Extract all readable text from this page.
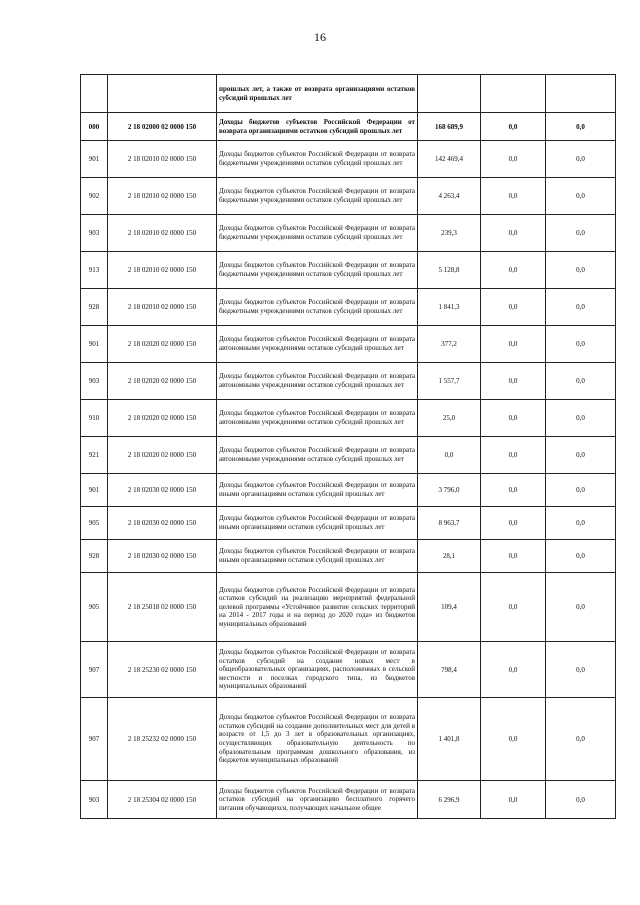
16
		прошлых лет, а также от возврата организациями остатков субсидий прошлых лет			
000	2 18 02000 02 0000 150	Доходы бюджетов субъектов Российской Федерации от возврата организациями остатков субсидий прошлых лет	168 689,9	0,0	0,0
901	2 18 02010 02 0000 150	Доходы бюджетов субъектов Российской Федерации от возврата бюджетными учреждениями остатков субсидий прошлых лет	142 469,4	0,0	0,0
902	2 18 02010 02 0000 150	Доходы бюджетов субъектов Российской Федерации от возврата бюджетными учреждениями остатков субсидий прошлых лет	4 263,4	0,0	0,0
903	2 18 02010 02 0000 150	Доходы бюджетов субъектов Российской Федерации от возврата бюджетными учреждениями остатков субсидий прошлых лет	239,3	0,0	0,0
913	2 18 02010 02 0000 150	Доходы бюджетов субъектов Российской Федерации от возврата бюджетными учреждениями остатков субсидий прошлых лет	5 128,8	0,0	0,0
928	2 18 02010 02 0000 150	Доходы бюджетов субъектов Российской Федерации от возврата бюджетными учреждениями остатков субсидий прошлых лет	1 841,3	0,0	0,0
901	2 18 02020 02 0000 150	Доходы бюджетов субъектов Российской Федерации от возврата автономными учреждениями остатков субсидий прошлых лет	377,2	0,0	0,0
903	2 18 02020 02 0000 150	Доходы бюджетов субъектов Российской Федерации от возврата автономными учреждениями остатков субсидий прошлых лет	1 557,7	0,0	0,0
910	2 18 02020 02 0000 150	Доходы бюджетов субъектов Российской Федерации от возврата автономными учреждениями остатков субсидий прошлых лет	25,0	0,0	0,0
921	2 18 02020 02 0000 150	Доходы бюджетов субъектов Российской Федерации от возврата автономными учреждениями остатков субсидий прошлых лет	0,0	0,0	0,0
901	2 18 02030 02 0000 150	Доходы бюджетов субъектов Российской Федерации от возврата иными организациями остатков субсидий прошлых лет	3 796,0	0,0	0,0
905	2 18 02030 02 0000 150	Доходы бюджетов субъектов Российской Федерации от возврата иными организациями остатков субсидий прошлых лет	8 963,7	0,0	0,0
928	2 18 02030 02 0000 150	Доходы бюджетов субъектов Российской Федерации от возврата иными организациями остатков субсидий прошлых лет	28,1	0,0	0,0
905	2 18 25018 02 0000 150	Доходы бюджетов субъектов Российской Федерации от возврата остатков субсидий на реализацию мероприятий федеральной целевой программы «Устойчивое развитие сельских территорий на 2014 - 2017 годы и на период до 2020 года» из бюджетов муниципальных образований	109,4	0,0	0,0
907	2 18 25230 02 0000 150	Доходы бюджетов субъектов Российской Федерации от возврата остатков субсидий на создание новых мест в общеобразовательных организациях, расположенных в сельской местности и поселках городского типа, из бюджетов муниципальных образований	798,4	0,0	0,0
907	2 18 25232 02 0000 150	Доходы бюджетов субъектов Российской Федерации от возврата остатков субсидий на создание дополнительных мест для детей в возрасте от 1,5 до 3 лет в образовательных организациях, осуществляющих образовательную деятельность по образовательным программам дошкольного образования, из бюджетов муниципальных образований	1 401,8	0,0	0,0
903	2 18 25304 02 0000 150	Доходы бюджетов субъектов Российской Федерации от возврата остатков субсидий на организацию бесплатного горячего питания обучающихся, получающих начальное общее	6 296,9	0,0	0,0
